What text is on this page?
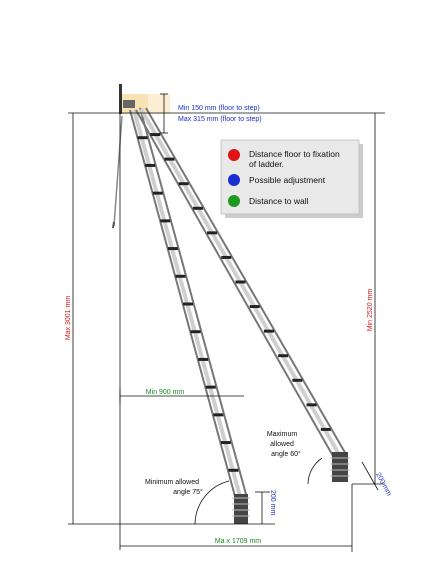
Max 3001 mm	Min 2520 mm
Min 150 mm (floor to step)
Max 315 mm (floor to step)
Min 900 mm
Ma x 1709 mm
200 mm
200 mm
Minimum allowed
angle 75°
Maximum
allowed
angle 60°
Distance floor to fixation
of ladder.
Possible adjustment
Distance to wall
